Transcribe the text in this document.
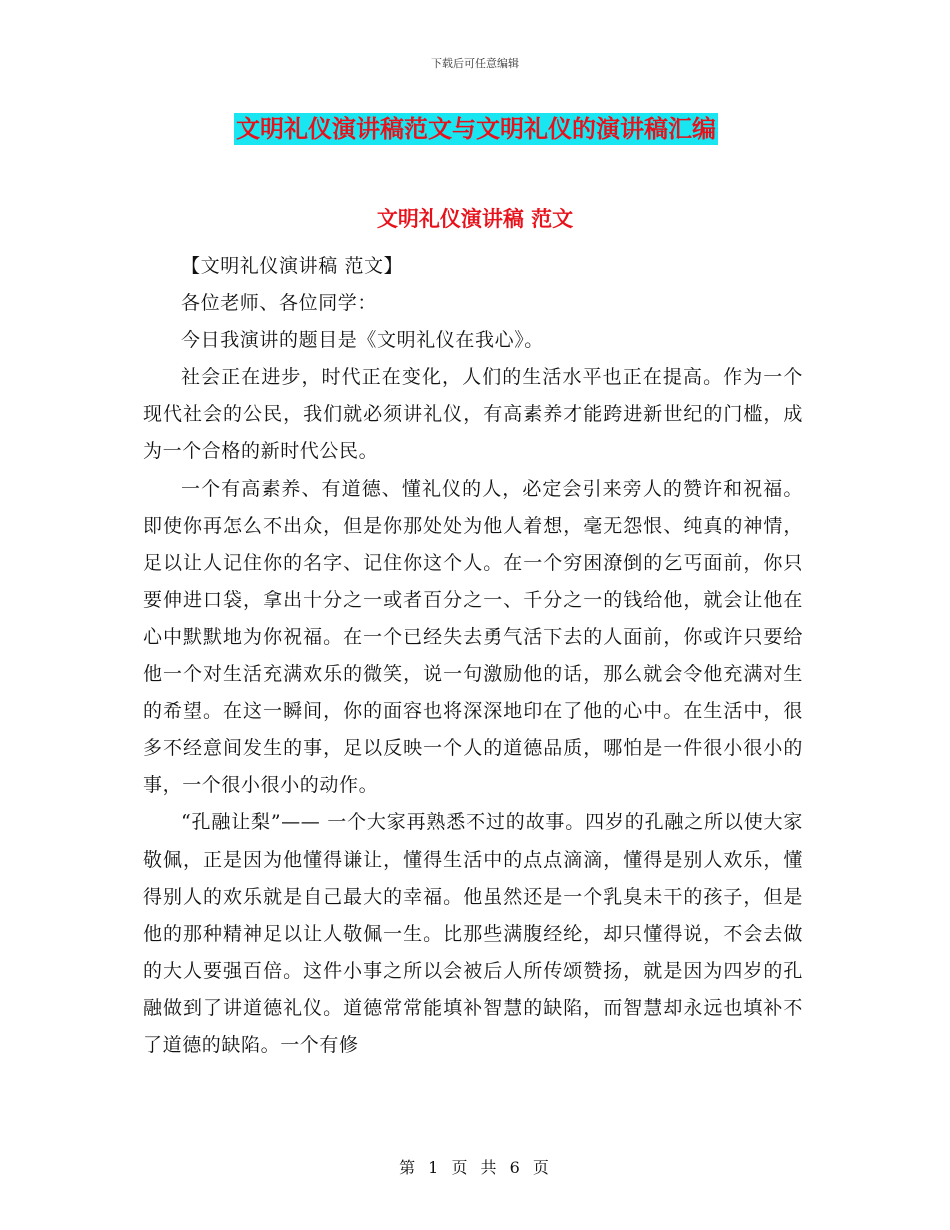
下载后可任意编辑
文明礼仪演讲稿范文与文明礼仪的演讲稿汇编
文明礼仪演讲稿 范文

【文明礼仪演讲稿 范文】

各位老师、各位同学：

今日我演讲的题目是《文明礼仪在我心》。

社会正在进步，时代正在变化，人们的生活水平也正在提高。作为一个现代社会的公民，我们就必须讲礼仪，有高素养才能跨进新世纪的门槛，成为一个合格的新时代公民。

一个有高素养、有道德、懂礼仪的人，必定会引来旁人的赞许和祝福。即使你再怎么不出众，但是你那处处为他人着想，毫无怨恨、纯真的神情，足以让人记住你的名字、记住你这个人。在一个穷困潦倒的乞丐面前，你只要伸进口袋，拿出十分之一或者百分之一、千分之一的钱给他，就会让他在心中默默地为你祝福。在一个已经失去勇气活下去的人面前，你或许只要给他一个对生活充满欢乐的微笑，说一句激励他的话，那么就会令他充满对生的希望。在这一瞬间，你的面容也将深深地印在了他的心中。在生活中，很多不经意间发生的事，足以反映一个人的道德品质，哪怕是一件很小很小的事，一个很小很小的动作。

“孔融让梨”—— 一个大家再熟悉不过的故事。四岁的孔融之所以使大家敬佩，正是因为他懂得谦让，懂得生活中的点点滴滴，懂得是别人欢乐，懂得别人的欢乐就是自己最大的幸福。他虽然还是一个乳臭未干的孩子，但是他的那种精神足以让人敬佩一生。比那些满腹经纶，却只懂得说，不会去做的大人要强百倍。这件小事之所以会被后人所传颂赞扬，就是因为四岁的孔融做到了讲道德礼仪。道德常常能填补智慧的缺陷，而智慧却永远也填补不了道德的缺陷。一个有修

第 1 页 共 6 页
